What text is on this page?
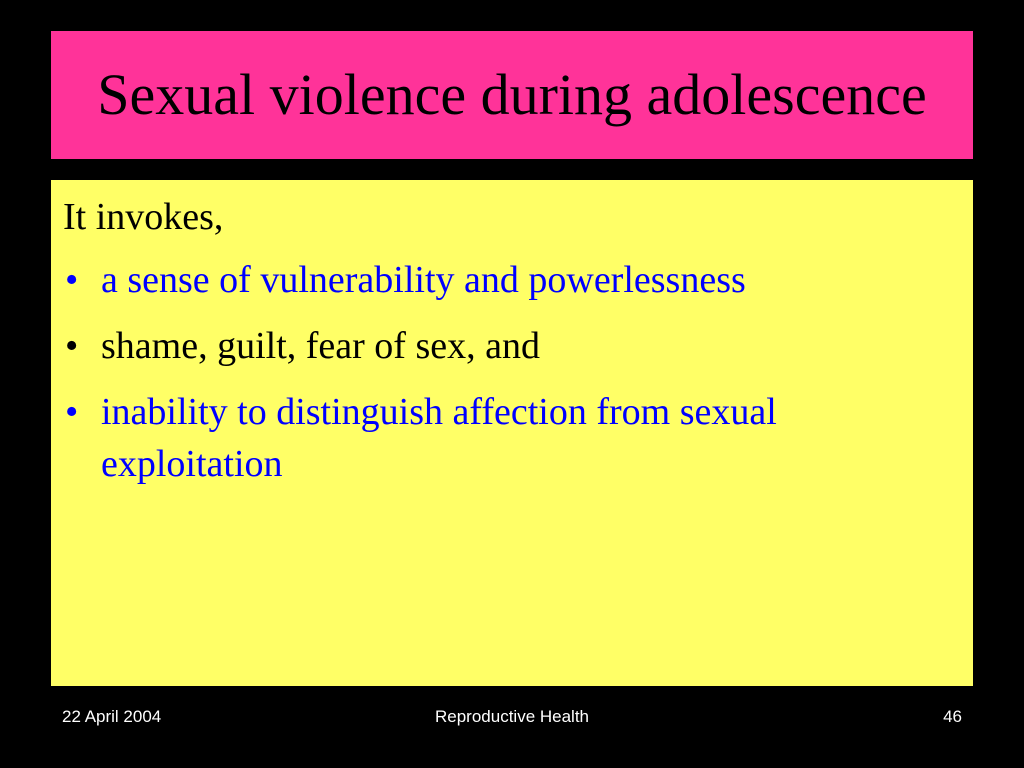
Sexual violence during adolescence
It invokes,
• a sense of vulnerability and powerlessness
• shame, guilt, fear of sex, and
• inability to distinguish affection from sexual exploitation
22 April 2004	Reproductive Health	46
